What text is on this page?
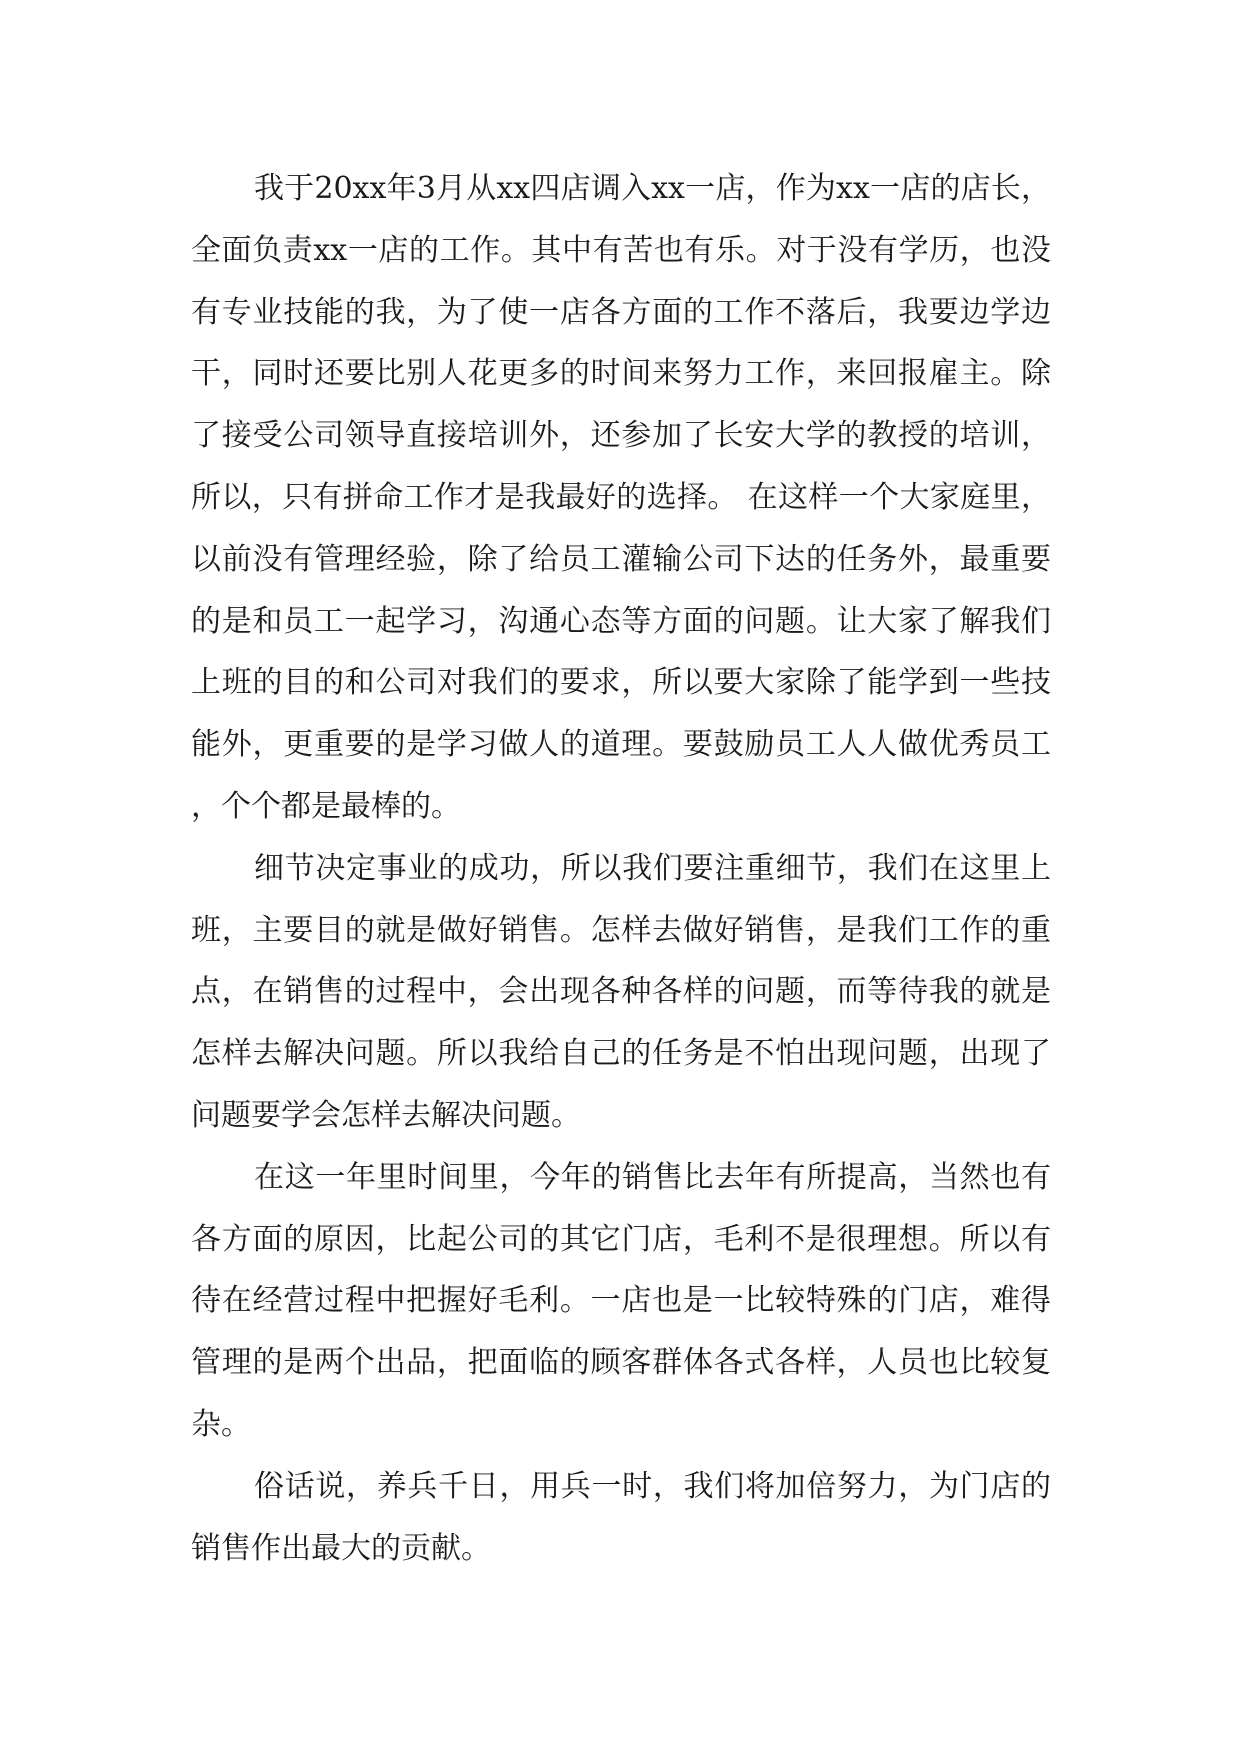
我于20xx年3月从xx四店调入xx一店，作为xx一店的店长，全面负责xx一店的工作。其中有苦也有乐。对于没有学历，也没有专业技能的我，为了使一店各方面的工作不落后，我要边学边干，同时还要比别人花更多的时间来努力工作，来回报雇主。除了接受公司领导直接培训外，还参加了长安大学的教授的培训，所以，只有拼命工作才是我最好的选择。 在这样一个大家庭里，以前没有管理经验，除了给员工灌输公司下达的任务外，最重要的是和员工一起学习，沟通心态等方面的问题。让大家了解我们上班的目的和公司对我们的要求，所以要大家除了能学到一些技能外，更重要的是学习做人的道理。要鼓励员工人人做优秀员工，个个都是最棒的。

细节决定事业的成功，所以我们要注重细节，我们在这里上班，主要目的就是做好销售。怎样去做好销售，是我们工作的重点，在销售的过程中，会出现各种各样的问题，而等待我的就是怎样去解决问题。所以我给自己的任务是不怕出现问题，出现了问题要学会怎样去解决问题。

在这一年里时间里，今年的销售比去年有所提高，当然也有各方面的原因，比起公司的其它门店，毛利不是很理想。所以有待在经营过程中把握好毛利。一店也是一比较特殊的门店，难得管理的是两个出品，把面临的顾客群体各式各样，人员也比较复杂。

俗话说，养兵千日，用兵一时，我们将加倍努力，为门店的销售作出最大的贡献。
